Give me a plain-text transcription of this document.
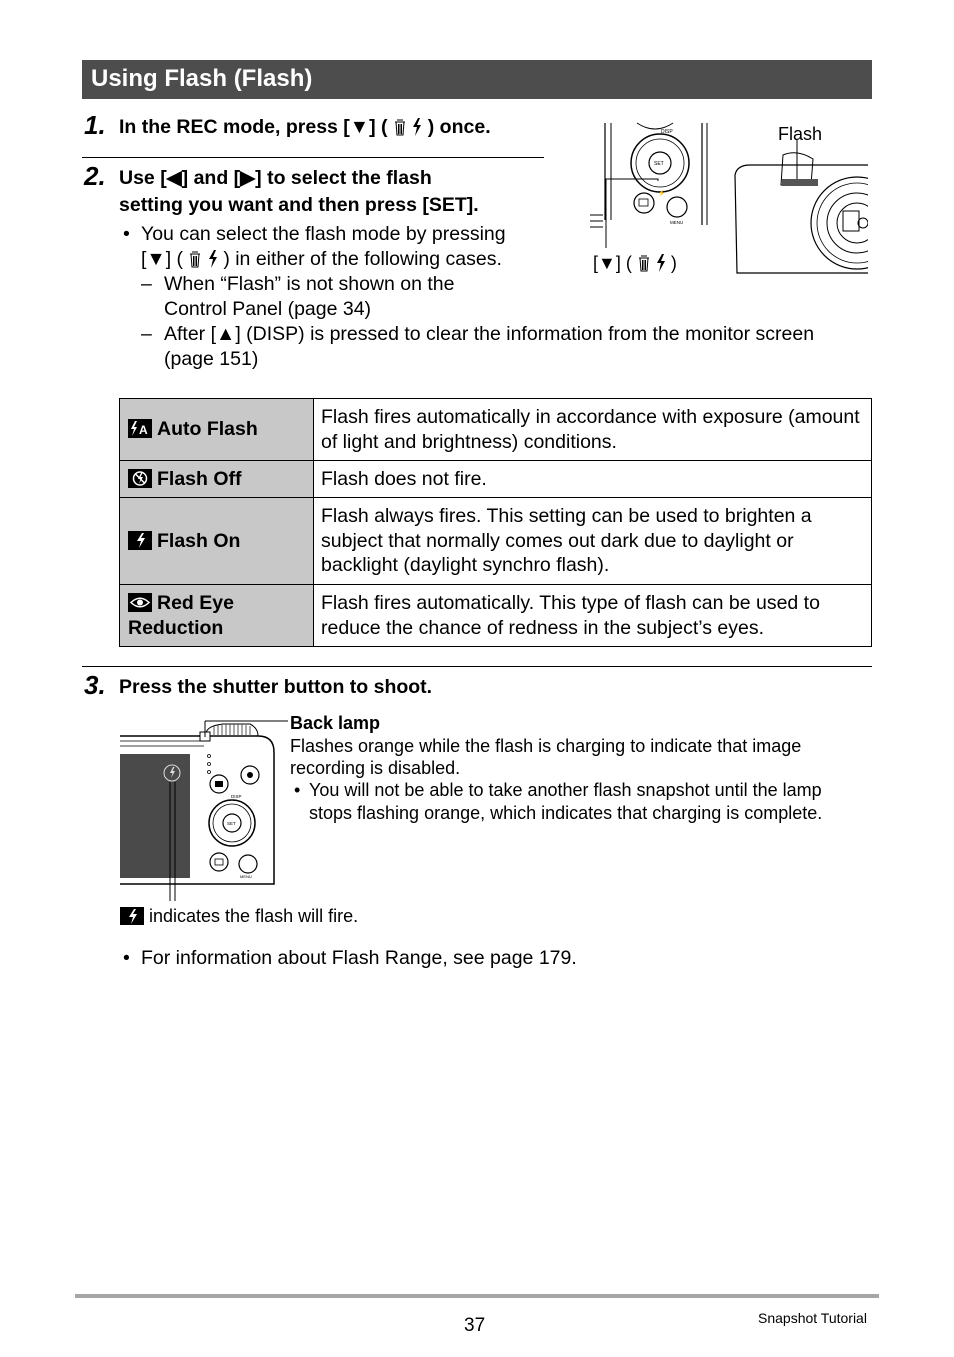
Using Flash (Flash)
1. In the REC mode, press [▼] ( ) once.
2. Use [◀] and [▶] to select the flash
setting you want and then press [SET].
• You can select the flash mode by pressing
[▼] ( ) in either of the following cases.
– When “Flash” is not shown on the
Control Panel (page 34)
– After [▲] (DISP) is pressed to clear the information from the monitor screen
(page 151)
DISP
SET
MENU
⚡
Flash
[▼] ( )
A Auto Flash	Flash fires automatically in accordance with exposure (amount of light and brightness) conditions.
Flash Off	Flash does not fire.
Flash On	Flash always fires. This setting can be used to brighten a subject that normally comes out dark due to daylight or backlight (daylight synchro flash).
Red Eye
Reduction	Flash fires automatically. This type of flash can be used to reduce the chance of redness in the subject’s eyes.
3. Press the shutter button to shoot.
DISP
SET
MENU
Back lamp
Flashes orange while the flash is charging to indicate that image
recording is disabled.
• You will not be able to take another flash snapshot until the lamp
stops flashing orange, which indicates that charging is complete.
indicates the flash will fire.
• For information about Flash Range, see page 179.
37	Snapshot Tutorial
